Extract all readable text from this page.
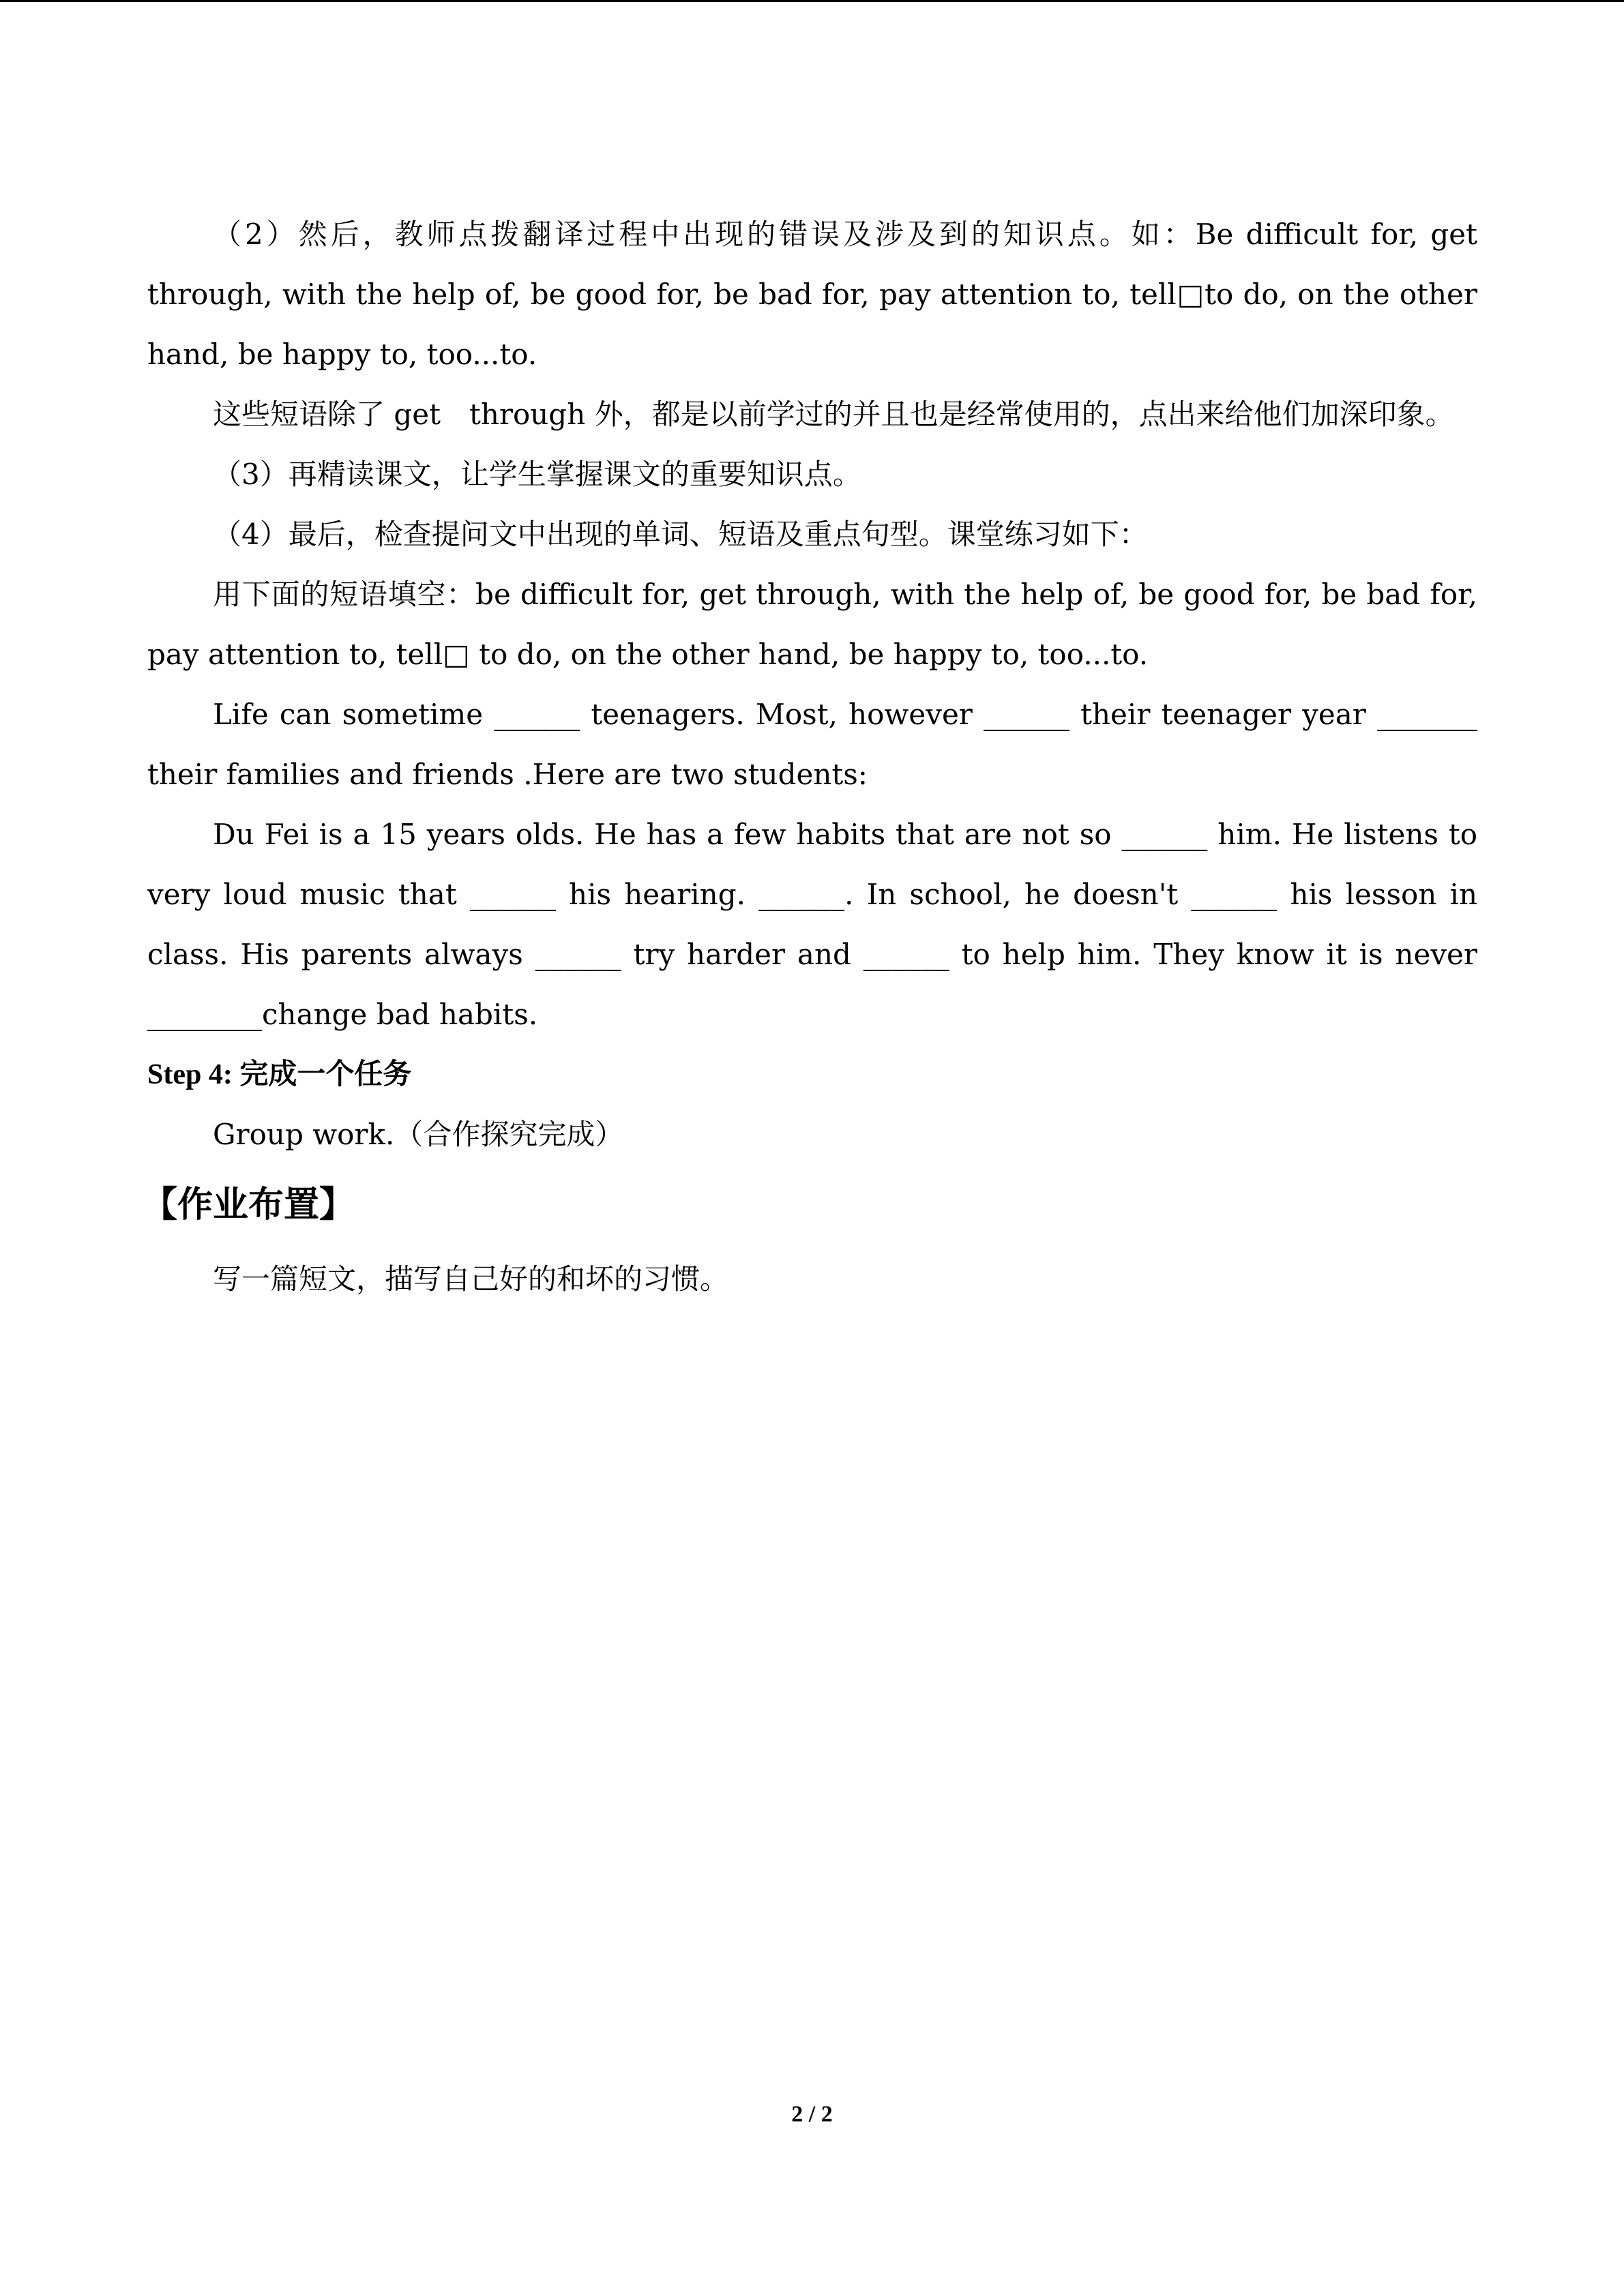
（2）然后，教师点拨翻译过程中出现的错误及涉及到的知识点。如：Be difficult for, get through, with the help of, be good for, be bad for, pay attention to, tell□to do, on the other hand, be happy to, too...to.

这些短语除了 get　through 外，都是以前学过的并且也是经常使用的，点出来给他们加深印象。

（3）再精读课文，让学生掌握课文的重要知识点。

（4）最后，检查提问文中出现的单词、短语及重点句型。课堂练习如下：

用下面的短语填空：be difficult for, get through, with the help of, be good for, be bad for, pay attention to, tell□ to do, on the other hand, be happy to, too...to.

Life can sometime ______ teenagers. Most, however ______ their teenager year _______ their families and friends .Here are two students:

Du Fei is a 15 years olds. He has a few habits that are not so ______ him. He listens to very loud music that ______ his hearing. ______. In school, he doesn't ______ his lesson in class. His parents always ______ try harder and ______ to help him. They know it is never ________change bad habits.

Step 4: 完成一个任务

Group work.（合作探究完成）

【作业布置】

写一篇短文，描写自己好的和坏的习惯。

2 / 2
